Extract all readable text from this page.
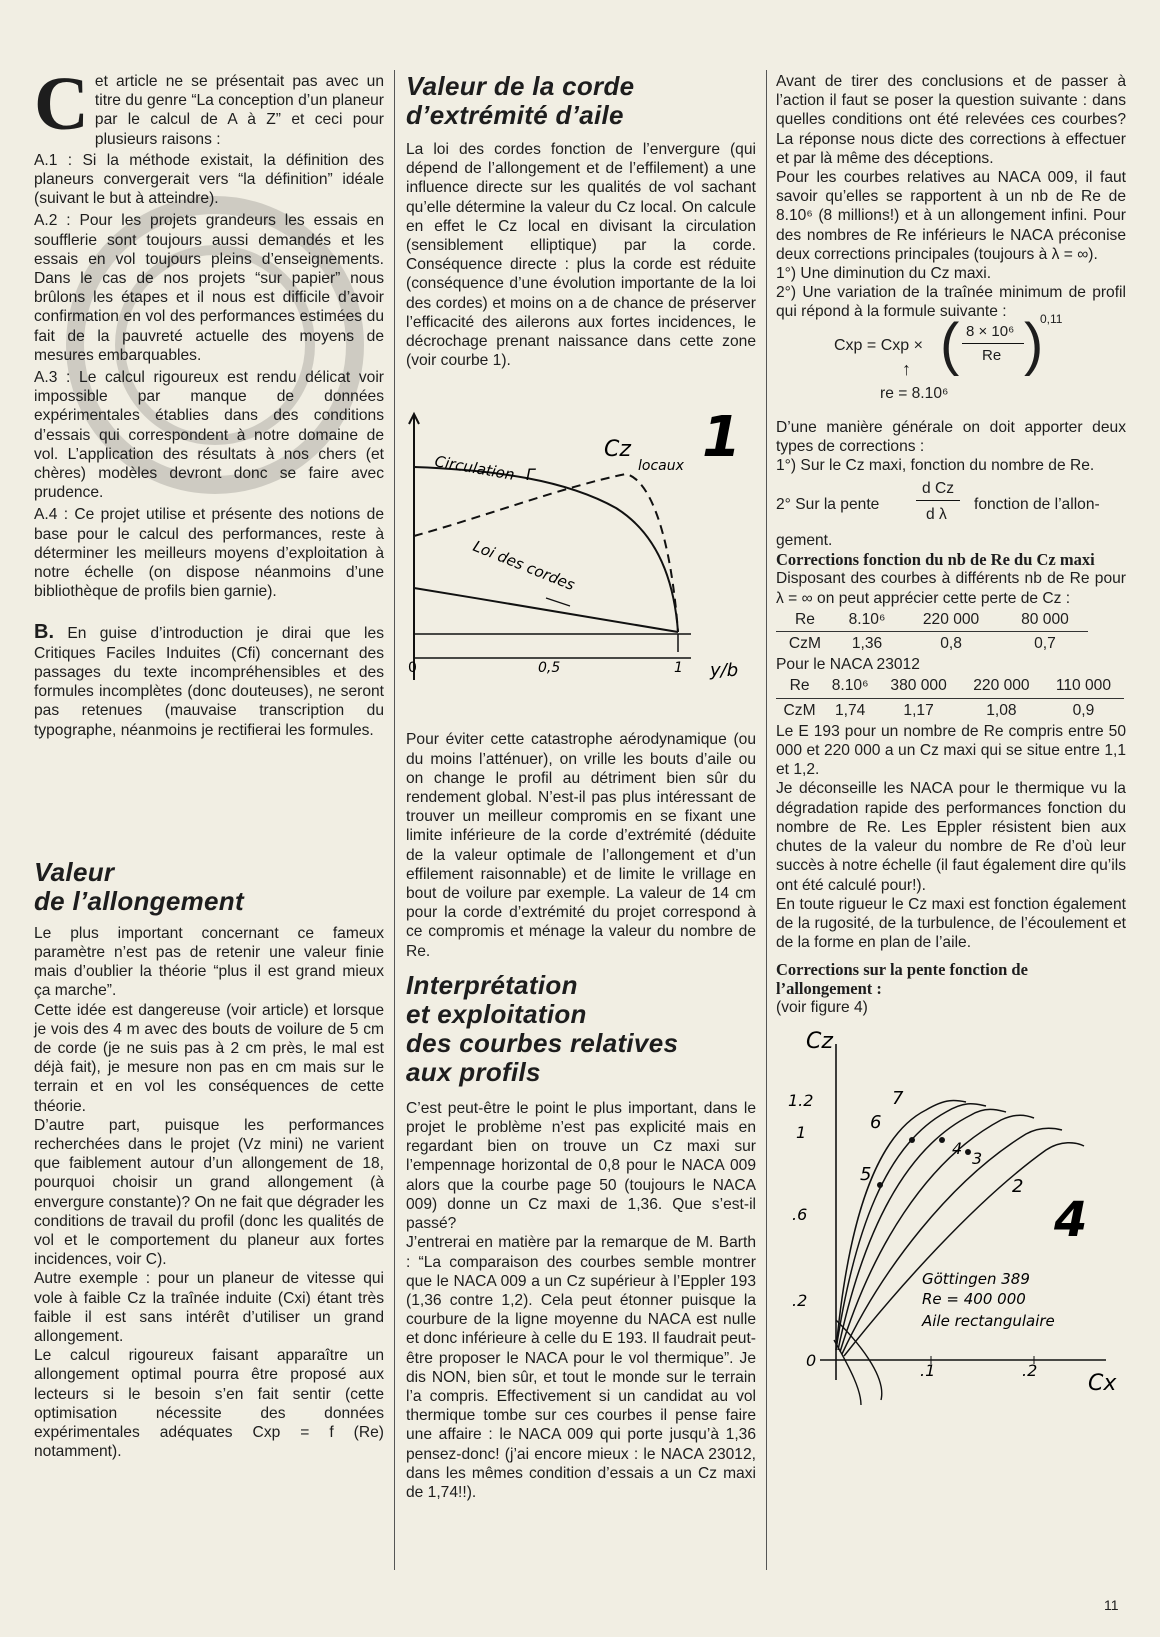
Cet article ne se présentait pas avec un titre du genre “La conception d’un planeur par le calcul de A à Z” et ceci pour plusieurs raisons :

A.1 : Si la méthode existait, la définition des planeurs convergerait vers “la définition” idéale (suivant le but à atteindre).

A.2 : Pour les projets grandeurs les essais en soufflerie sont toujours aussi demandés et les essais en vol toujours pleins d’enseignements. Dans le cas de nos projets “sur papier” nous brûlons les étapes et il nous est difficile d’avoir confirmation en vol des performances estimées du fait de la pauvreté actuelle des moyens de mesures embarquables.

A.3 : Le calcul rigoureux est rendu délicat voir impossible par manque de données expérimentales établies dans des conditions d’essais qui correspondent à notre domaine de vol. L’application des résultats à nos chers (et chères) modèles devront donc se faire avec prudence.

A.4 : Ce projet utilise et présente des notions de base pour le calcul des performances, reste à déterminer les meilleurs moyens d’exploitation à notre échelle (on dispose néanmoins d’une bibliothèque de profils bien garnie).

B. En guise d’introduction je dirai que les Critiques Faciles Induites (Cfi) concernant des passages du texte incompréhensibles et des formules incomplètes (donc douteuses), ne seront pas retenues (mauvaise transcription du typographe, néanmoins je rectifierai les formules.

Valeur
de l’allongement

Le plus important concernant ce fameux paramètre n’est pas de retenir une valeur finie mais d’oublier la théorie “plus il est grand mieux ça marche”.

Cette idée est dangereuse (voir article) et lorsque je vois des 4 m avec des bouts de voilure de 5 cm de corde (je ne suis pas à 2 cm près, le mal est déjà fait), je mesure non pas en cm mais sur le terrain et en vol les conséquences de cette théorie.

D’autre part, puisque les performances recherchées dans le projet (Vz mini) ne varient que faiblement autour d’un allongement de 18, pourquoi choisir un grand allongement (à envergure constante)? On ne fait que dégrader les conditions de travail du profil (donc les qualités de vol et le comportement du planeur aux fortes incidences, voir C).

Autre exemple : pour un planeur de vitesse qui vole à faible Cz la traînée induite (Cxi) étant très faible il est sans intérêt d’utiliser un grand allongement.

Le calcul rigoureux faisant apparaître un allongement optimal pourra être proposé aux lecteurs si le besoin s’en fait sentir (cette optimisation nécessite des données expérimentales adéquates Cxp = f (Re) notamment).

Valeur de la corde
d’extrémité d’aile

La loi des cordes fonction de l’envergure (qui dépend de l’allongement et de l’effilement) a une influence directe sur les qualités de vol sachant qu’elle détermine la valeur du Cz local. On calcule en effet le Cz local en divisant la circulation (sensiblement elliptique) par la corde. Conséquence directe : plus la corde est réduite (conséquence d’une évolution importante de la loi des cordes) et moins on a de chance de préserver l’efficacité des ailerons aux fortes incidences, le décrochage prenant naissance dans cette zone (voir courbe 1).

Circulation Γ
Cz
locaux
Loi des cordes
1
0	0,5	1 y/b

Pour éviter cette catastrophe aérodynamique (ou du moins l’atténuer), on vrille les bouts d’aile ou on change le profil au détriment bien sûr du rendement global. N’est-il pas plus intéressant de trouver un meilleur compromis en se fixant une limite inférieure de la corde d’extrémité (déduite de la valeur optimale de l’allongement et d’un effilement raisonnable) et de limite le vrillage en bout de voilure par exemple. La valeur de 14 cm pour la corde d’extrémité du projet correspond à ce compromis et ménage la valeur du nombre de Re.

Interprétation
et exploitation
des courbes relatives
aux profils

C’est peut-être le point le plus important, dans le projet le problème n’est pas explicité mais en regardant bien on trouve un Cz maxi sur l’empennage horizontal de 0,8 pour le NACA 009 alors que la courbe page 50 (toujours le NACA 009) donne un Cz maxi de 1,36. Que s’est-il passé?

J’entrerai en matière par la remarque de M. Barth : “La comparaison des courbes semble montrer que le NACA 009 a un Cz supérieur à l’Eppler 193 (1,36 contre 1,2). Cela peut étonner puisque la courbure de la ligne moyenne du NACA est nulle et donc inférieure à celle du E 193. Il faudrait peut-être proposer le NACA pour le vol thermique”. Je dis NON, bien sûr, et tout le monde sur le terrain l’a compris. Effectivement si un candidat au vol thermique tombe sur ces courbes il pense faire une affaire : le NACA 009 qui porte jusqu’à 1,36 pensez-donc! (j’ai encore mieux : le NACA 23012, dans les mêmes condition d’essais a un Cz maxi de 1,74!!).

Avant de tirer des conclusions et de passer à l’action il faut se poser la question suivante : dans quelles conditions ont été relevées ces courbes? La réponse nous dicte des corrections à effectuer et par là même des déceptions.

Pour les courbes relatives au NACA 009, il faut savoir qu’elles se rapportent à un nb de Re de 8.10⁶ (8 millions!) et à un allongement infini. Pour des nombres de Re inférieurs le NACA préconise deux corrections principales (toujours à λ = ∞).

1°) Une diminution du Cz maxi.

2°) Une variation de la traînée minimum de profil qui répond à la formule suivante :

Cxp = Cxp × ( 8 × 10⁶
Re )
0,11
↑
re = 8.10⁶

D’une manière générale on doit apporter deux types de corrections :

1°) Sur le Cz maxi, fonction du nombre de Re.

2° Sur la pente
d Cz
d λ
fonction de l’allon-

gement.

Corrections fonction du nb de Re du Cz maxi

Disposant des courbes à différents nb de Re pour λ = ∞ on peut apprécier cette perte de Cz :

Re	8.10⁶	220 000	80 000
CzM	1,36	0,8	0,7

Pour le NACA 23012

Re	8.10⁶	380 000	220 000	110 000
CzM	1,74	1,17	1,08	0,9

Le E 193 pour un nombre de Re compris entre 50 000 et 220 000 a un Cz maxi qui se situe entre 1,1 et 1,2.

Je déconseille les NACA pour le thermique vu la dégradation rapide des performances fonction du nombre de Re. Les Eppler résistent bien aux chutes de la valeur du nombre de Re d’où leur succès à notre échelle (il faut également dire qu’ils ont été calculé pour!).

En toute rigueur le Cz maxi est fonction également de la rugosité, de la turbulence, de l’écoulement et de la forme en plan de l’aile.

Corrections sur la pente fonction de l’allongement :

(voir figure 4)

Cz
Cx
1.2
1
.6
.2
0
.1	.2
7
6
5
4
3
2
4
Göttingen 389
Re = 400 000
Aile rectangulaire
11
